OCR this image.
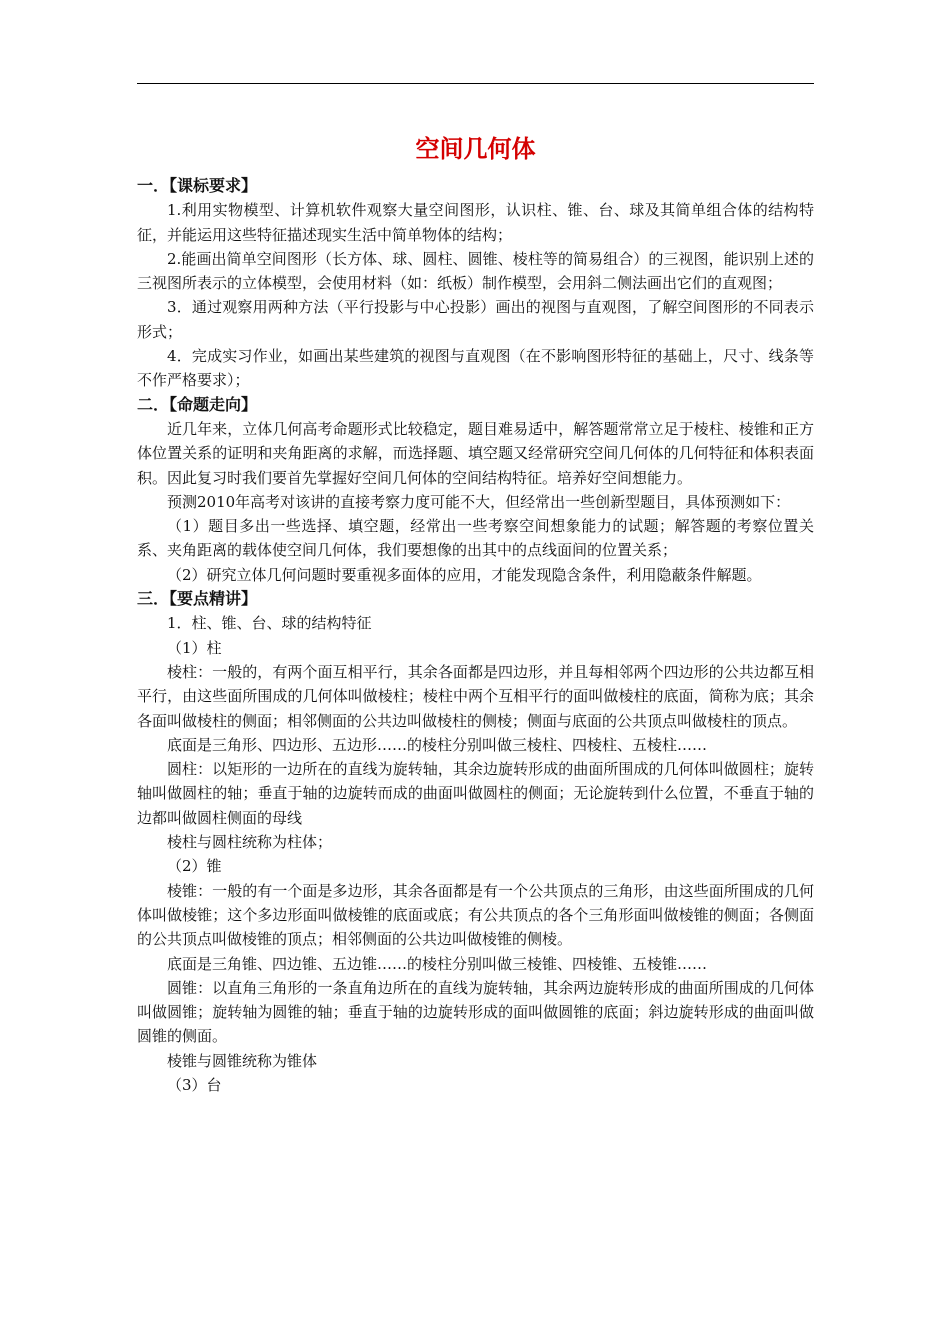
空间几何体

一．【课标要求】

1.利用实物模型、计算机软件观察大量空间图形，认识柱、锥、台、球及其简单组合体的结构特征，并能运用这些特征描述现实生活中简单物体的结构；

2.能画出简单空间图形（长方体、球、圆柱、圆锥、棱柱等的简易组合）的三视图，能识别上述的三视图所表示的立体模型，会使用材料（如：纸板）制作模型，会用斜二侧法画出它们的直观图；

3．通过观察用两种方法（平行投影与中心投影）画出的视图与直观图，了解空间图形的不同表示形式；

4．完成实习作业，如画出某些建筑的视图与直观图（在不影响图形特征的基础上，尺寸、线条等不作严格要求）；

二．【命题走向】

近几年来，立体几何高考命题形式比较稳定，题目难易适中，解答题常常立足于棱柱、棱锥和正方体位置关系的证明和夹角距离的求解，而选择题、填空题又经常研究空间几何体的几何特征和体积表面积。因此复习时我们要首先掌握好空间几何体的空间结构特征。培养好空间想能力。

预测2010年高考对该讲的直接考察力度可能不大，但经常出一些创新型题目，具体预测如下：

（1）题目多出一些选择、填空题，经常出一些考察空间想象能力的试题；解答题的考察位置关系、夹角距离的载体使空间几何体，我们要想像的出其中的点线面间的位置关系；

（2）研究立体几何问题时要重视多面体的应用，才能发现隐含条件，利用隐蔽条件解题。

三．【要点精讲】

1．柱、锥、台、球的结构特征

（1）柱

棱柱：一般的，有两个面互相平行，其余各面都是四边形，并且每相邻两个四边形的公共边都互相平行，由这些面所围成的几何体叫做棱柱；棱柱中两个互相平行的面叫做棱柱的底面，简称为底；其余各面叫做棱柱的侧面；相邻侧面的公共边叫做棱柱的侧棱；侧面与底面的公共顶点叫做棱柱的顶点。

底面是三角形、四边形、五边形……的棱柱分别叫做三棱柱、四棱柱、五棱柱……

圆柱：以矩形的一边所在的直线为旋转轴，其余边旋转形成的曲面所围成的几何体叫做圆柱；旋转轴叫做圆柱的轴；垂直于轴的边旋转而成的曲面叫做圆柱的侧面；无论旋转到什么位置，不垂直于轴的边都叫做圆柱侧面的母线

棱柱与圆柱统称为柱体；

（2）锥

棱锥：一般的有一个面是多边形，其余各面都是有一个公共顶点的三角形，由这些面所围成的几何体叫做棱锥；这个多边形面叫做棱锥的底面或底；有公共顶点的各个三角形面叫做棱锥的侧面；各侧面的公共顶点叫做棱锥的顶点；相邻侧面的公共边叫做棱锥的侧棱。

底面是三角锥、四边锥、五边锥……的棱柱分别叫做三棱锥、四棱锥、五棱锥……

圆锥：以直角三角形的一条直角边所在的直线为旋转轴，其余两边旋转形成的曲面所围成的几何体叫做圆锥；旋转轴为圆锥的轴；垂直于轴的边旋转形成的面叫做圆锥的底面；斜边旋转形成的曲面叫做圆锥的侧面。

棱锥与圆锥统称为锥体

（3）台
